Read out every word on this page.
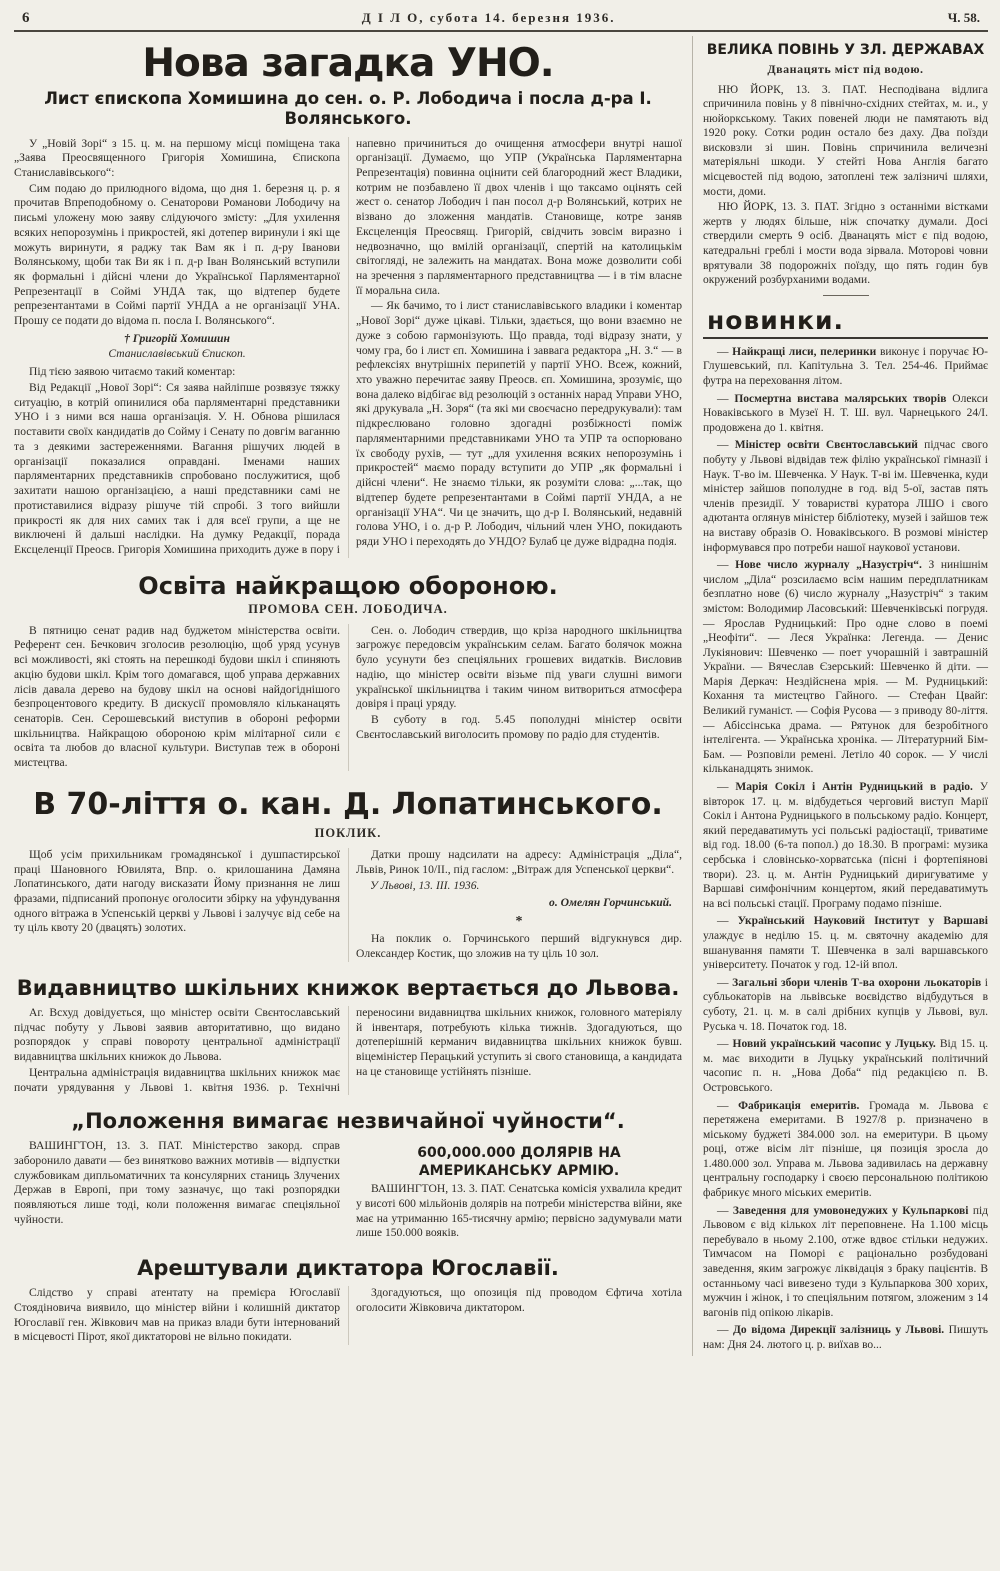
6	Д І Л О, субота 14. березня 1936.	Ч. 58.
Нова загадка УНО.
Лист єпископа Хомишина до сен. о. Р. Лободича і посла д-ра І. Волянського.

У „Новій Зорі“ з 15. ц. м. на першому місці поміщена така „Заява Преосвященного Григорія Хомишина, Єпископа Станиславівського“:

Сим подаю до прилюдного відома, що дня 1. березня ц. р. я прочитав Впреподобному о. Сенаторови Романови Лободичу на письмі уложену мою заяву слідуючого змісту: „Для ухилення всяких непорозумінь і прикростей, які дотепер виринули і які ще можуть виринути, я раджу так Вам як і п. д-ру Іванови Волянському, щоби так Ви як і п. д-р Іван Волянський вступили як формальні і дійсні члени до Української Парляментарної Репрезентації в Соймі УНДА так, що відтепер будете репрезентантами в Соймі партії УНДА а не організації УНА. Прошу се подати до відома п. посла І. Волянського“.

† Григорій Хомишин

Станиславівський Єпископ.

Під тією заявою читаємо такий коментар:

Від Редакції „Нової Зорі“: Ся заява найліпше розвязує тяжку ситуацію, в котрій опинилися оба парляментарні представники УНО і з ними вся наша організація. У. Н. Обнова рішилася поставити своїх кандидатів до Сойму і Сенату по довгім ваганню та з деякими застереженнями. Вагання рішучих людей в організації показалися оправдані. Іменами наших парляментарних представників спробовано послужитися, щоб захитати нашою організацією, а наші представники самі не протиставилися відразу рішуче тій спробі. З того вийшли прикрості як для них самих так і для всеї групи, а ще не виключені й дальші наслідки. На думку Редакції, порада Ексцеленції Преосв. Григорія Хомишина приходить дуже в пору і напевно причиниться до очищення атмосфери внутрі нашої організації. Думаємо, що УПР (Українська Парляментарна Репрезентація) повинна оцінити сей благородний жест Владики, котрим не позбавлено її двох членів і що таксамо оцінять сей жест о. сенатор Лободич і пан посол д-р Волянський, котрих не візвано до зложення мандатів. Становище, котре заняв Ексцеленція Преосвящ. Григорій, свідчить зовсім виразно і недвозначно, що вмілій організації, спертій на католицькім світогляді, не залежить на мандатах. Вона може дозволити собі на зречення з парляментарного представництва — і в тім власне її моральна сила.

— Як бачимо, то і лист станиславівського владики і коментар „Нової Зорі“ дуже цікаві. Тільки, здається, що вони взаємно не дуже з собою гармонізують. Що правда, тоді відразу знати, у чому гра, бо і лист єп. Хомишина і заввага редактора „Н. З.“ — в рефлексіях внутрішніх перипетій у партії УНО. Всеж, кожний, хто уважно перечитає заяву Преосв. єп. Хомишина, зрозуміє, що вона далеко відбігає від резолюцій з останніх нарад Управи УНО, які друкувала „Н. Зоря“ (та які ми своєчасно передрукували): там підкреслювано головно здогадні розбіжності поміж парляментарними представниками УНО та УПР та оспорювано їх свободу рухів, — тут „для ухилення всяких непорозумінь і прикростей“ маємо пораду вступити до УПР „як формальні і дійсні члени“. Не знаємо тільки, як розуміти слова: „...так, що відтепер будете репрезентантами в Соймі партії УНДА, а не організації УНА“. Чи це значить, що д-р І. Волянський, недавній голова УНО, і о. д-р Р. Лободич, чільний член УНО, покидають ряди УНО і переходять до УНДО? Булаб це дуже відрадна подія.

Освіта найкращою обороною.

ПРОМОВА СЕН. ЛОБОДИЧА.

В пятницю сенат радив над буджетом міністерства освіти. Референт сен. Бечкович зголосив резолюцію, щоб уряд усунув всі можливості, які стоять на перешкоді будови шкіл і спиняють акцію будови шкіл. Крім того домагався, щоб управа державних лісів давала дерево на будову шкіл на основі найдогіднішого безпроцентового кредиту. В дискусії промовляло кільканацять сенаторів. Сен. Серошевський виступив в обороні реформи шкільництва. Найкращою обороною крім мілітарної сили є освіта та любов до власної культури. Виступав теж в обороні мистецтва.

Сен. о. Лободич ствердив, що кріза народного шкільництва загрожує передовсім українським селам. Багато болячок можна було усунути без спеціяльних грошевих видатків. Висловив надію, що міністер освіти візьме під уваги слушні вимоги української шкільництва і таким чином витвориться атмосфера довіря і праці уряду.

В суботу в год. 5.45 пополудні міністер освіти Свєнтославський виголосить промову по радіо для студентів.

В 70-ліття о. кан. Д. Лопатинського.

ПОКЛИК.

Щоб усім прихильникам громадянської і душпастирської праці Шановного Ювилята, Впр. о. крилошанина Дамяна Лопатинського, дати нагоду висказати Йому признання не лиш фразами, підписаний пропонує оголосити збірку на уфундування одного вітража в Успенській церкві у Львові і залучує від себе на ту ціль квоту 20 (двацять) золотих.

Датки прошу надсилати на адресу: Адміністрація „Діла“, Львів, Ринок 10/ІІ., під гаслом: „Вітраж для Успенської церкви“.

У Львові, 13. ІІІ. 1936.

о. Омелян Горчинський.

*

На поклик о. Горчинського перший відгукнувся дир. Олександер Костик, що зложив на ту ціль 10 зол.

Видавництво шкільних книжок вертається до Львова.

Аг. Всхуд довідується, що міністер освіти Свєнтославський підчас побуту у Львові заявив авторитативно, що видано розпорядок у справі повороту центральної адміністрації видавництва шкільних книжок до Львова.

Центральна адміністрація видавництва шкільних книжок має почати урядування у Львові 1. квітня 1936. р. Технічні переносини видавництва шкільних книжок, головного матеріялу й інвентаря, потребують кілька тижнів. Здогадуються, що дотеперішній керманич видавництва шкільних книжок бувш. віцеміністер Перацький уступить зі свого становища, а кандидата на це становище устійнять пізніше.

„Положення вимагає незвичайної чуйности“.

ВАШИНГТОН, 13. 3. ПАТ. Міністерство закорд. справ заборонило давати — без винятково важних мотивів — відпустки службовикам дипльоматичних та консулярних станиць Злучених Держав в Европі, при тому зазначує, що такі розпорядки появляються лише тоді, коли положення вимагає спеціяльної чуйности.

600,000.000 ДОЛЯРІВ НА АМЕРИКАНСЬКУ АРМІЮ.

ВАШИНГТОН, 13. 3. ПАТ. Сенатська комісія ухвалила кредит у висоті 600 мільйонів долярів на потреби міністерства війни, яке має на утриманню 165-тисячну армію; первісно задумували мати лише 150.000 вояків.

Арештували диктатора Югославії.

Слідство у справі атентату на премієра Югославії Стоядіновича виявило, що міністер війни і колишній диктатор Югославії ген. Жівкович мав на приказ влади бути інтернований в місцевості Пірот, якої диктаторові не вільно покидати.

Здогадуються, що опозиція під проводом Єфтича хотіла оголосити Жівковича диктатором.

ВЕЛИКА ПОВІНЬ У ЗЛ. ДЕРЖАВАХ
Дванацять міст під водою.

НЮ ЙОРК, 13. 3. ПАТ. Несподівана відлига спричинила повінь у 8 північно-східних стейтах, м. и., у нюйоркському. Таких повеней люди не памятають від 1920 року. Сотки родин остало без даху. Два поїзди висковзли зі шин. Повінь спричинила величезні матеріяльні шкоди. У стейті Нова Англія багато місцевостей під водою, затоплені теж залізничі шляхи, мости, доми.

НЮ ЙОРК, 13. 3. ПАТ. Згідно з останніми вістками жертв у людях більше, ніж спочатку думали. Досі ствердили смерть 9 осіб. Дванацять міст є під водою, катедральні греблі і мости вода зірвала. Моторові човни врятували 38 подорожніх поїзду, що пять годин був окружений розбурханими водами.

новинки.

— Найкращі лиси, пелеринки виконує і поручає Ю-Глушевський, пл. Капітульна 3. Тел. 254-46. Приймає футра на переховання літом.

— Посмертна вистава малярських творів Олекси Новаківського в Музеї Н. Т. Ш. вул. Чарнецького 24/І. продовжена до 1. квітня.

— Міністер освіти Свєнтославський підчас свого побуту у Львові відвідав теж філію української гімназії і Наук. Т-во ім. Шевченка. У Наук. Т-ві ім. Шевченка, куди міністер зайшов пополудне в год. від 5-ої, застав пять членів президії. У товаристві куратора ЛШО і свого адютанта оглянув міністер бібліотеку, музей і зайшов теж на виставу образів О. Новаківського. В розмові міністер інформувався про потреби нашої наукової установи.

— Нове число журналу „Назустріч“. З нинішнім числом „Діла“ розсилаємо всім нашим передплатникам безплатно нове (6) число журналу „Назустріч“ з таким змістом: Володимир Ласовський: Шевченківські погрудя. — Ярослав Рудницький: Про одне слово в поемі „Неофіти“. — Леся Українка: Легенда. — Денис Лукіянович: Шевченко — поет учорашній і завтрашній України. — Вячеслав Єзерський: Шевченко й діти. — Марія Деркач: Нездійснена мрія. — М. Рудницький: Кохання та мистецтво Гайного. — Стефан Цвайґ: Великий гуманіст. — Софія Русова — з приводу 80-ліття. — Абіссінська драма. — Рятунок для безробітного інтелігента. — Українська хроніка. — Літературний Бім-Бам. — Розповіли ремені. Летіло 40 сорок. — У числі кільканадцять знимок.

— Марія Сокіл і Антін Рудницький в радіо. У вівторок 17. ц. м. відбудеться черговий виступ Марії Сокіл і Антона Рудницького в польському радіо. Концерт, який передаватимуть усі польські радіостації, триватиме від год. 18.00 (6-та попол.) до 18.30. В програмі: музика сербська і словінсько-хорватська (пісні і фортепіянові твори). 23. ц. м. Антін Рудницький диригуватиме у Варшаві симфонічним концертом, який передаватимуть на всі польські стації. Програму подамо пізніше.

— Український Науковий Інститут у Варшаві улаждує в неділю 15. ц. м. святочну академію для вшанування памяти Т. Шевченка в залі варшавського університету. Початок у год. 12-ій впол.

— Загальні збори членів Т-ва охорони льокаторів і субльокаторів на львівське воєвідство відбудуться в суботу, 21. ц. м. в салі дрібних купців у Львові, вул. Руська ч. 18. Початок год. 18.

— Новий український часопис у Луцьку. Від 15. ц. м. має виходити в Луцьку український політичний часопис п. н. „Нова Доба“ під редакцією п. В. Островського.

— Фабрикація емеритів. Громада м. Львова є перетяжена емеритами. В 1927/8 р. призначено в міському буджеті 384.000 зол. на емеритури. В цьому році, отже вісім літ пізніше, ця позиція зросла до 1.480.000 зол. Управа м. Львова задивилась на державну центральну господарку і своєю персональною політикою фабрикує много міських емеритів.

— Заведення для умовонедужих у Кульпаркові під Львовом є від кількох літ переповнене. На 1.100 місць перебувало в ньому 2.100, отже вдвоє стільки недужих. Тимчасом на Поморі є раціонально розбудовані заведення, яким загрожує ліквідація з браку пацієнтів. В останньому часі вивезено туди з Кульпаркова 300 хорих, мужчин і жінок, і то спеціяльним потягом, зложеним з 14 вагонів під опікою лікарів.

— До відома Дирекції залізниць у Львові. Пишуть нам: Дня 24. лютого ц. р. виїхав во...
